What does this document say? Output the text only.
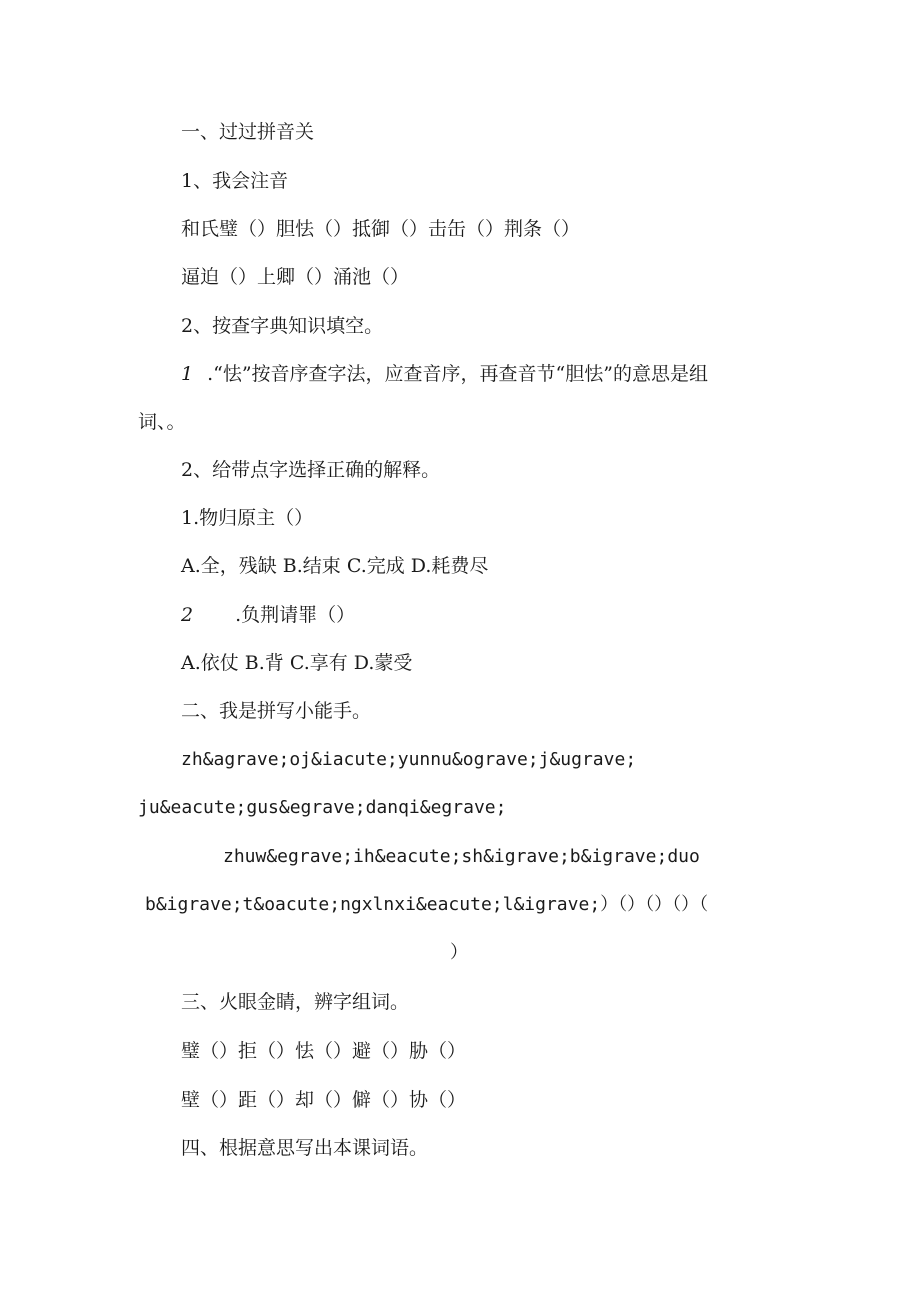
一、过过拼音关
1、我会注音
和氏璧（）胆怯（）抵御（）击缶（）荆条（）
逼迫（）上卿（）涌池（）
2、按查字典知识填空。
1 .“怯”按音序查字法，应查音序，再查音节“胆怯”的意思是组
词、。
2、给带点字选择正确的解释。
1.物归原主（）
A.全，残缺 B.结束 C.完成 D.耗费尽
2 .负荆请罪（）
A.依仗 B.背 C.享有 D.蒙受
二、我是拼写小能手。
zh&agrave;oj&iacute;yunnu&ograve;j&ugrave;
ju&eacute;gus&egrave;danqi&egrave;
zhuw&egrave;ih&eacute;sh&igrave;b&igrave;duo
b&igrave;t&oacute;ngxlnxi&eacute;l&igrave;）（）（）（）（
）
三、火眼金睛，辨字组词。
璧（）拒（）怯（）避（）胁（）
壁（）距（）却（）僻（）协（）
四、根据意思写出本课词语。
